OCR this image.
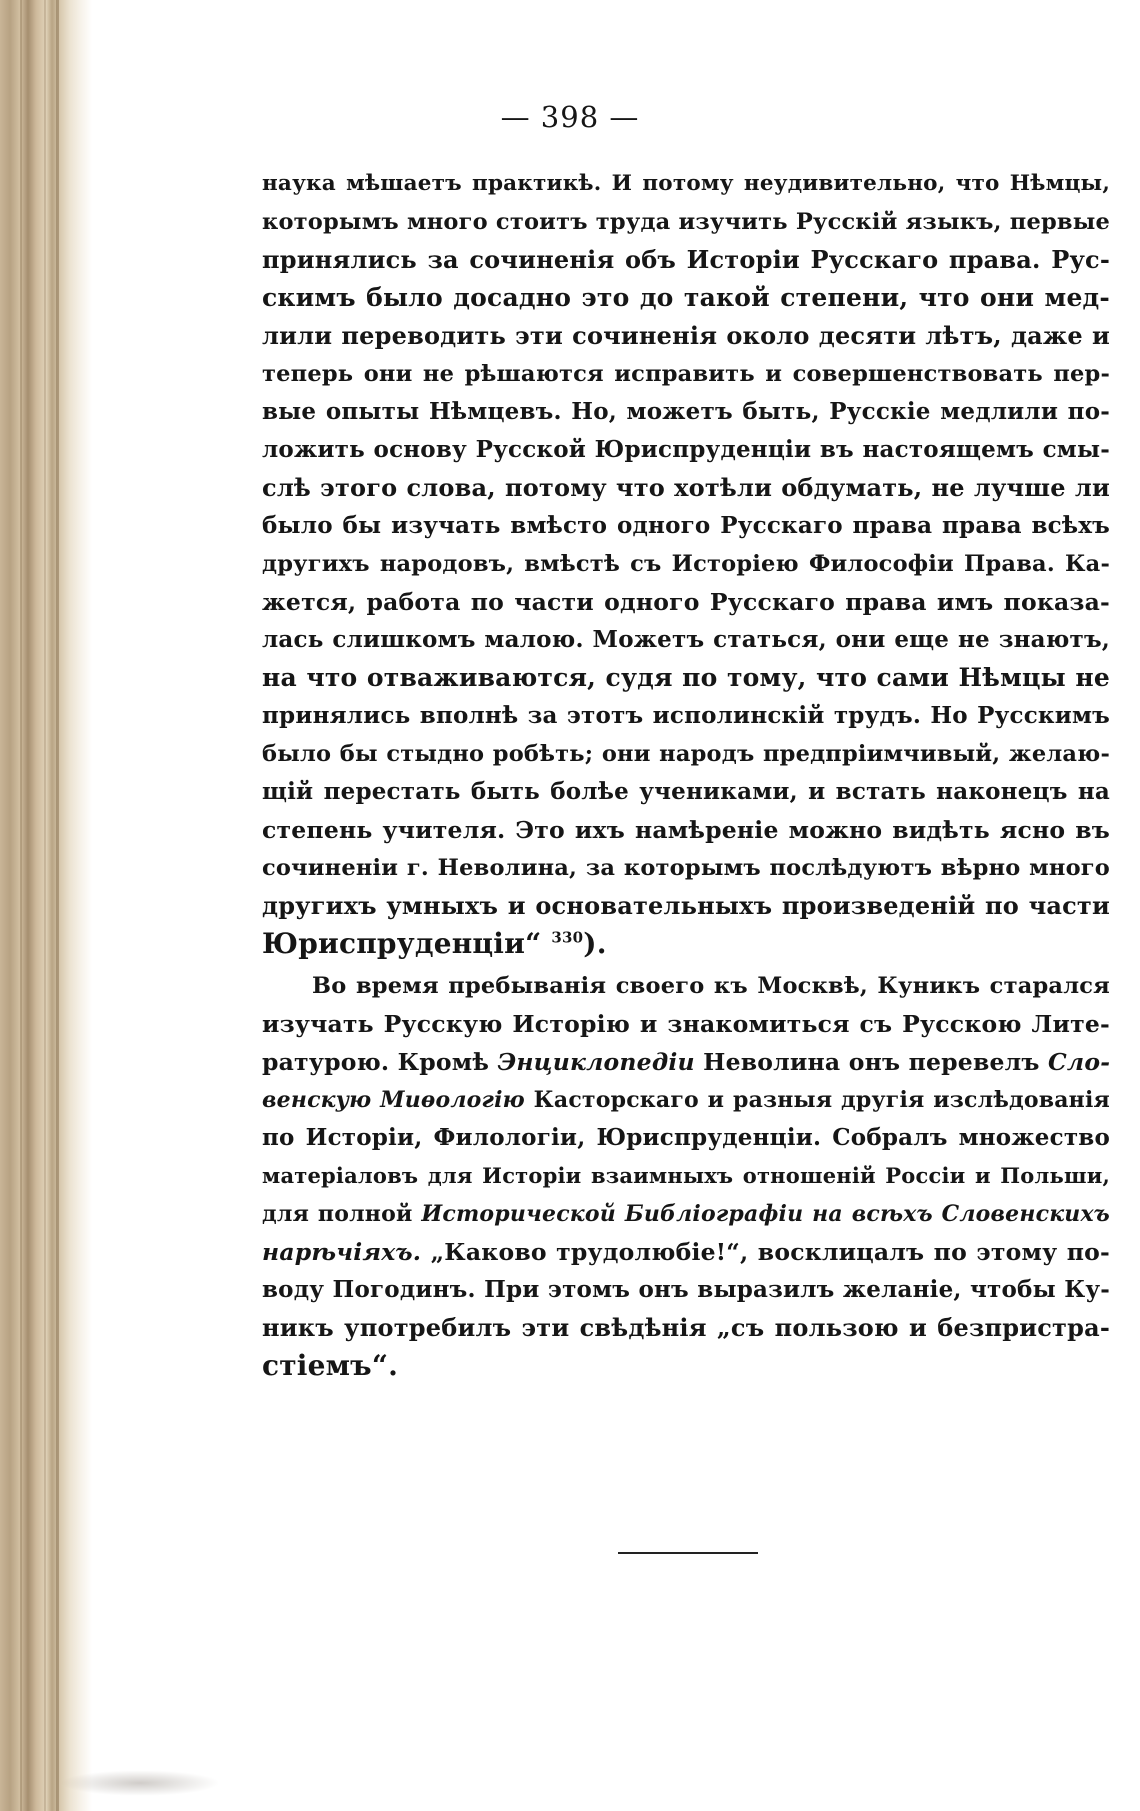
— 398 —
наука мѣшаетъ практикѣ. И потому неудивительно, что Нѣмцы,
которымъ много стоитъ труда изучить Русскій языкъ, первые
принялись за сочиненія объ Исторіи Русскаго права. Рус-
скимъ было досадно это до такой степени, что они мед-
лили переводить эти сочиненія около десяти лѣтъ, даже и
теперь они не рѣшаются исправить и совершенствовать пер-
вые опыты Нѣмцевъ. Но, можетъ быть, Русскіе медлили по-
ложить основу Русской Юриспруденціи въ настоящемъ смы-
слѣ этого слова, потому что хотѣли обдумать, не лучше ли
было бы изучать вмѣсто одного Русскаго права права всѣхъ
другихъ народовъ, вмѣстѣ съ Исторіею Философіи Права. Ка-
жется, работа по части одного Русскаго права имъ показа-
лась слишкомъ малою. Можетъ статься, они еще не знаютъ,
на что отваживаются, судя по тому, что сами Нѣмцы не
принялись вполнѣ за этотъ исполинскій трудъ. Но Русскимъ
было бы стыдно робѣть; они народъ предпріимчивый, желаю-
щій перестать быть болѣе учениками, и встать наконецъ на
степень учителя. Это ихъ намѣреніе можно видѣть ясно въ
сочиненіи г. Неволина, за которымъ послѣдуютъ вѣрно много
другихъ умныхъ и основательныхъ произведеній по части
Юриспруденціи“ $^{330}$).
Во время пребыванія своего къ Москвѣ, Куникъ старался
изучать Русскую Исторію и знакомиться съ Русскою Лите-
ратурою. Кромѣ Энциклопедіи Неволина онъ перевелъ Сло-
венскую Миѳологію Касторскаго и разныя другія изслѣдованія
по Исторіи, Филологіи, Юриспруденціи. Собралъ множество
матеріаловъ для Исторіи взаимныхъ отношеній Россіи и Польши,
для полной Исторической Библіографіи на всѣхъ Словенскихъ
нарѣчіяхъ. „Каково трудолюбіе!“, восклицалъ по этому по-
воду Погодинъ. При этомъ онъ выразилъ желаніе, чтобы Ку-
никъ употребилъ эти свѣдѣнія „съ пользою и безпристра-
стіемъ“.
